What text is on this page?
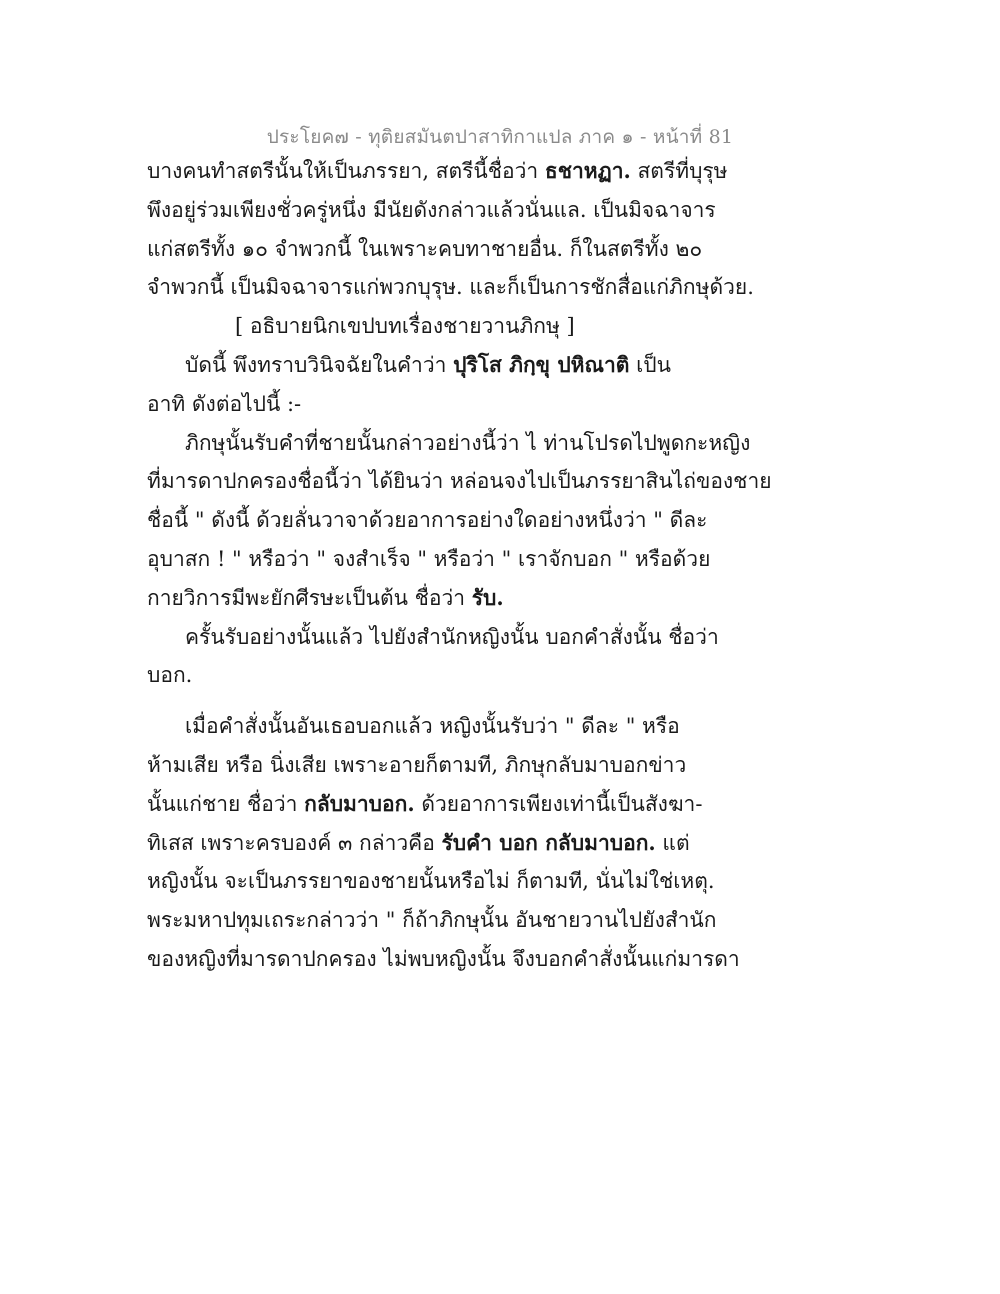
ประโยค๗ - ทุติยสมันตปาสาทิกาแปล ภาค ๑ - หน้าที่ 81
บางคนทำสตรีนั้นให้เป็นภรรยา, สตรีนี้ชื่อว่า ธชาหฏา. สตรีที่บุรุษ
พึงอยู่ร่วมเพียงชั่วครู่หนึ่ง มีนัยดังกล่าวแล้วนั่นแล. เป็นมิจฉาจาร
แก่สตรีทั้ง ๑๐ จำพวกนี้ ในเพราะคบทาชายอื่น. ก็ในสตรีทั้ง ๒๐
จำพวกนี้ เป็นมิจฉาจารแก่พวกบุรุษ. และก็เป็นการชักสื่อแก่ภิกษุด้วย.
[ อธิบายนิกเขปบทเรื่องชายวานภิกษุ ]
บัดนี้ พึงทราบวินิจฉัยในคำว่า ปุริโส ภิกฺขุ ปหิณาติ เป็น
อาทิ ดังต่อไปนี้ :-
ภิกษุนั้นรับคำที่ชายนั้นกล่าวอย่างนี้ว่า ไ ท่านโปรดไปพูดกะหญิง
ที่มารดาปกครองชื่อนี้ว่า ได้ยินว่า หล่อนจงไปเป็นภรรยาสินไถ่ของชาย
ชื่อนี้ " ดังนี้ ด้วยลั่นวาจาด้วยอาการอย่างใดอย่างหนึ่งว่า " ดีละ
อุบาสก ! " หรือว่า " จงสำเร็จ " หรือว่า " เราจักบอก " หรือด้วย
กายวิการมีพะยักศีรษะเป็นต้น ชื่อว่า รับ.
ครั้นรับอย่างนั้นแล้ว ไปยังสำนักหญิงนั้น บอกคำสั่งนั้น ชื่อว่า
บอก.
เมื่อคำสั่งนั้นอันเธอบอกแล้ว หญิงนั้นรับว่า " ดีละ " หรือ
ห้ามเสีย หรือ นิ่งเสีย เพราะอายก็ตามที, ภิกษุกลับมาบอกข่าว
นั้นแก่ชาย ชื่อว่า กลับมาบอก. ด้วยอาการเพียงเท่านี้เป็นสังฆา-
ทิเสส เพราะครบองค์ ๓ กล่าวคือ รับคำ บอก กลับมาบอก. แต่
หญิงนั้น จะเป็นภรรยาของชายนั้นหรือไม่ ก็ตามที, นั่นไม่ใช่เหตุ.
พระมหาปทุมเถระกล่าวว่า " ก็ถ้าภิกษุนั้น อันชายวานไปยังสำนัก
ของหญิงที่มารดาปกครอง ไม่พบหญิงนั้น จึงบอกคำสั่งนั้นแก่มารดา
